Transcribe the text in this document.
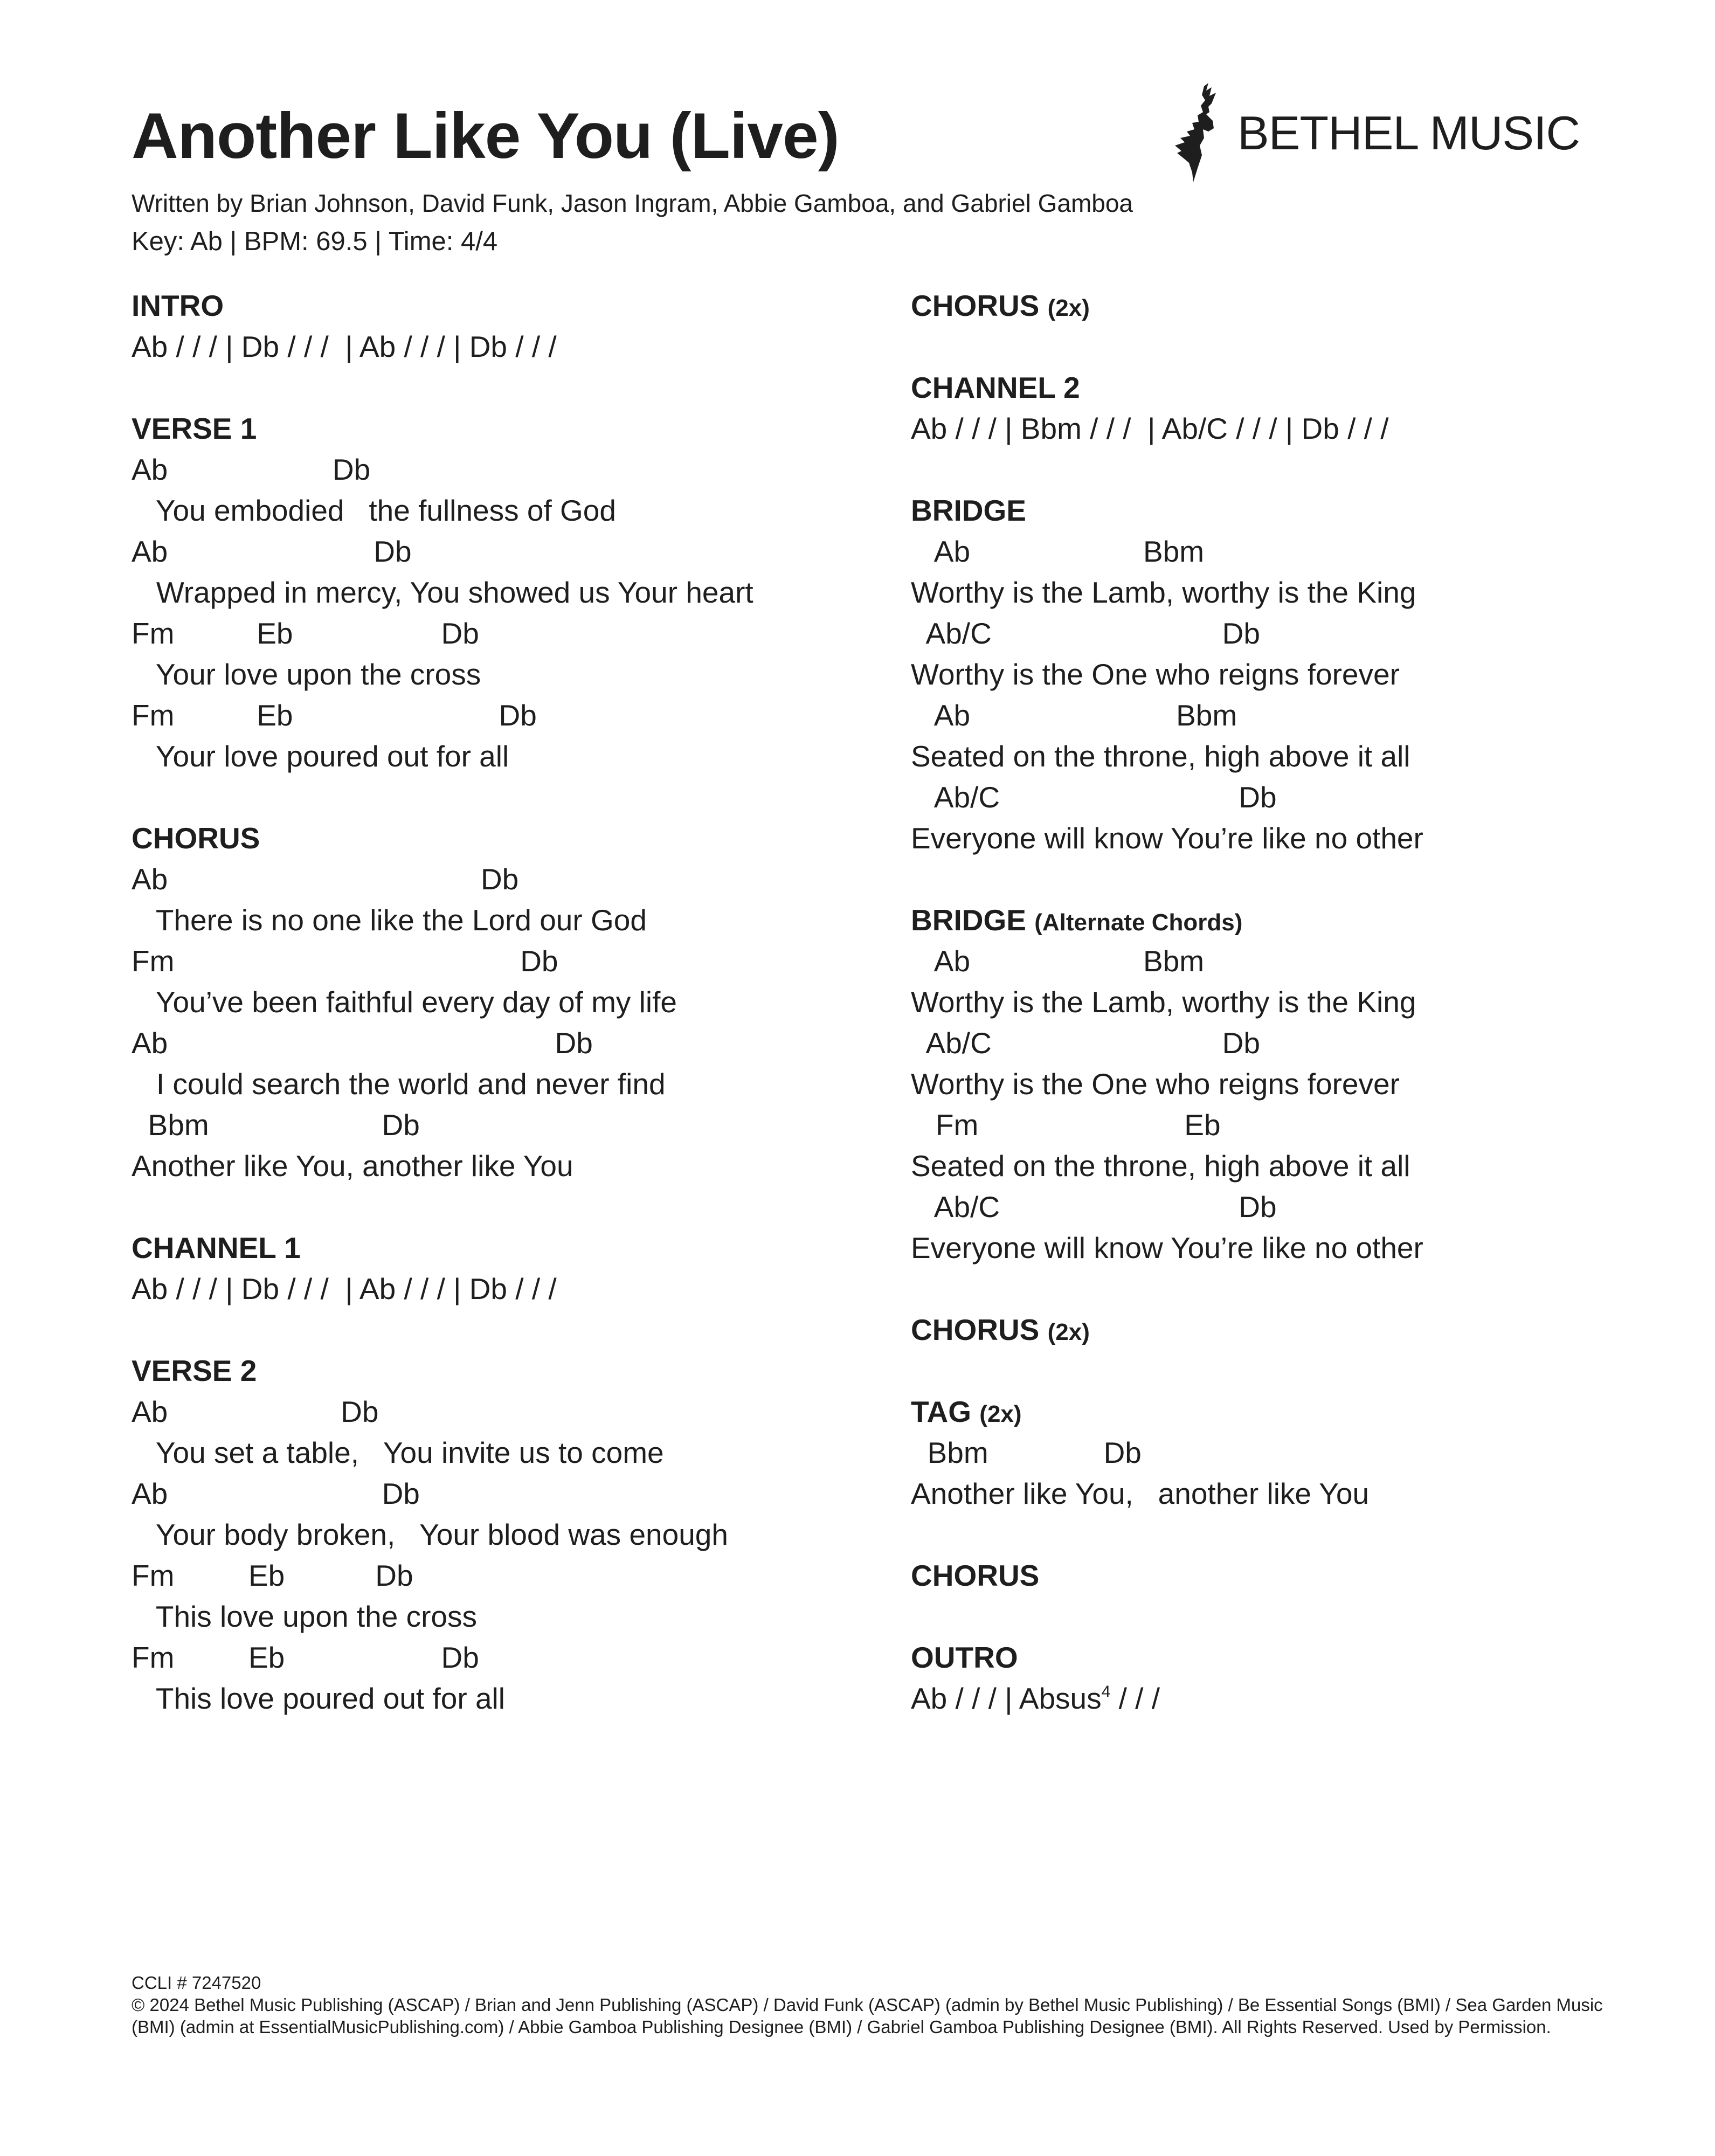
Another Like You (Live)	BETHEL MUSIC
Written by Brian Johnson, David Funk, Jason Ingram, Abbie Gamboa, and Gabriel Gamboa
Key: Ab | BPM: 69.5 | Time: 4/4
INTRO
Ab / / / | Db / / /  | Ab / / / | Db / / /
VERSE 1
Ab                    Db
You embodied   the fullness of God
Ab                         Db
Wrapped in mercy, You showed us Your heart
Fm          Eb                  Db
Your love upon the cross
Fm          Eb                         Db
Your love poured out for all
CHORUS
Ab                                      Db
There is no one like the Lord our God
Fm                                          Db
You’ve been faithful every day of my life
Ab                                               Db
I could search the world and never find
Bbm                     Db
Another like You, another like You
CHANNEL 1
Ab / / / | Db / / /  | Ab / / / | Db / / /
VERSE 2
Ab                     Db
You set a table,   You invite us to come
Ab                          Db
Your body broken,   Your blood was enough
Fm         Eb           Db
This love upon the cross
Fm         Eb                   Db
This love poured out for all
CHORUS (2x)
CHANNEL 2
Ab / / / | Bbm / / /  | Ab/C / / / | Db / / /
BRIDGE
Ab                     Bbm
Worthy is the Lamb, worthy is the King
Ab/C                            Db
Worthy is the One who reigns forever
Ab                         Bbm
Seated on the throne, high above it all
Ab/C                             Db
Everyone will know You’re like no other
BRIDGE (Alternate Chords)
Ab                     Bbm
Worthy is the Lamb, worthy is the King
Ab/C                            Db
Worthy is the One who reigns forever
Fm                         Eb
Seated on the throne, high above it all
Ab/C                             Db
Everyone will know You’re like no other
CHORUS (2x)
TAG (2x)
Bbm              Db
Another like You,   another like You
CHORUS
OUTRO
Ab / / / | Absus$^4$ / / /
CCLI # 7247520
© 2024 Bethel Music Publishing (ASCAP) / Brian and Jenn Publishing (ASCAP) / David Funk (ASCAP) (admin by Bethel Music Publishing) / Be Essential Songs (BMI) / Sea Garden Music (BMI) (admin at EssentialMusicPublishing.com) / Abbie Gamboa Publishing Designee (BMI) / Gabriel Gamboa Publishing Designee (BMI). All Rights Reserved. Used by Permission.
